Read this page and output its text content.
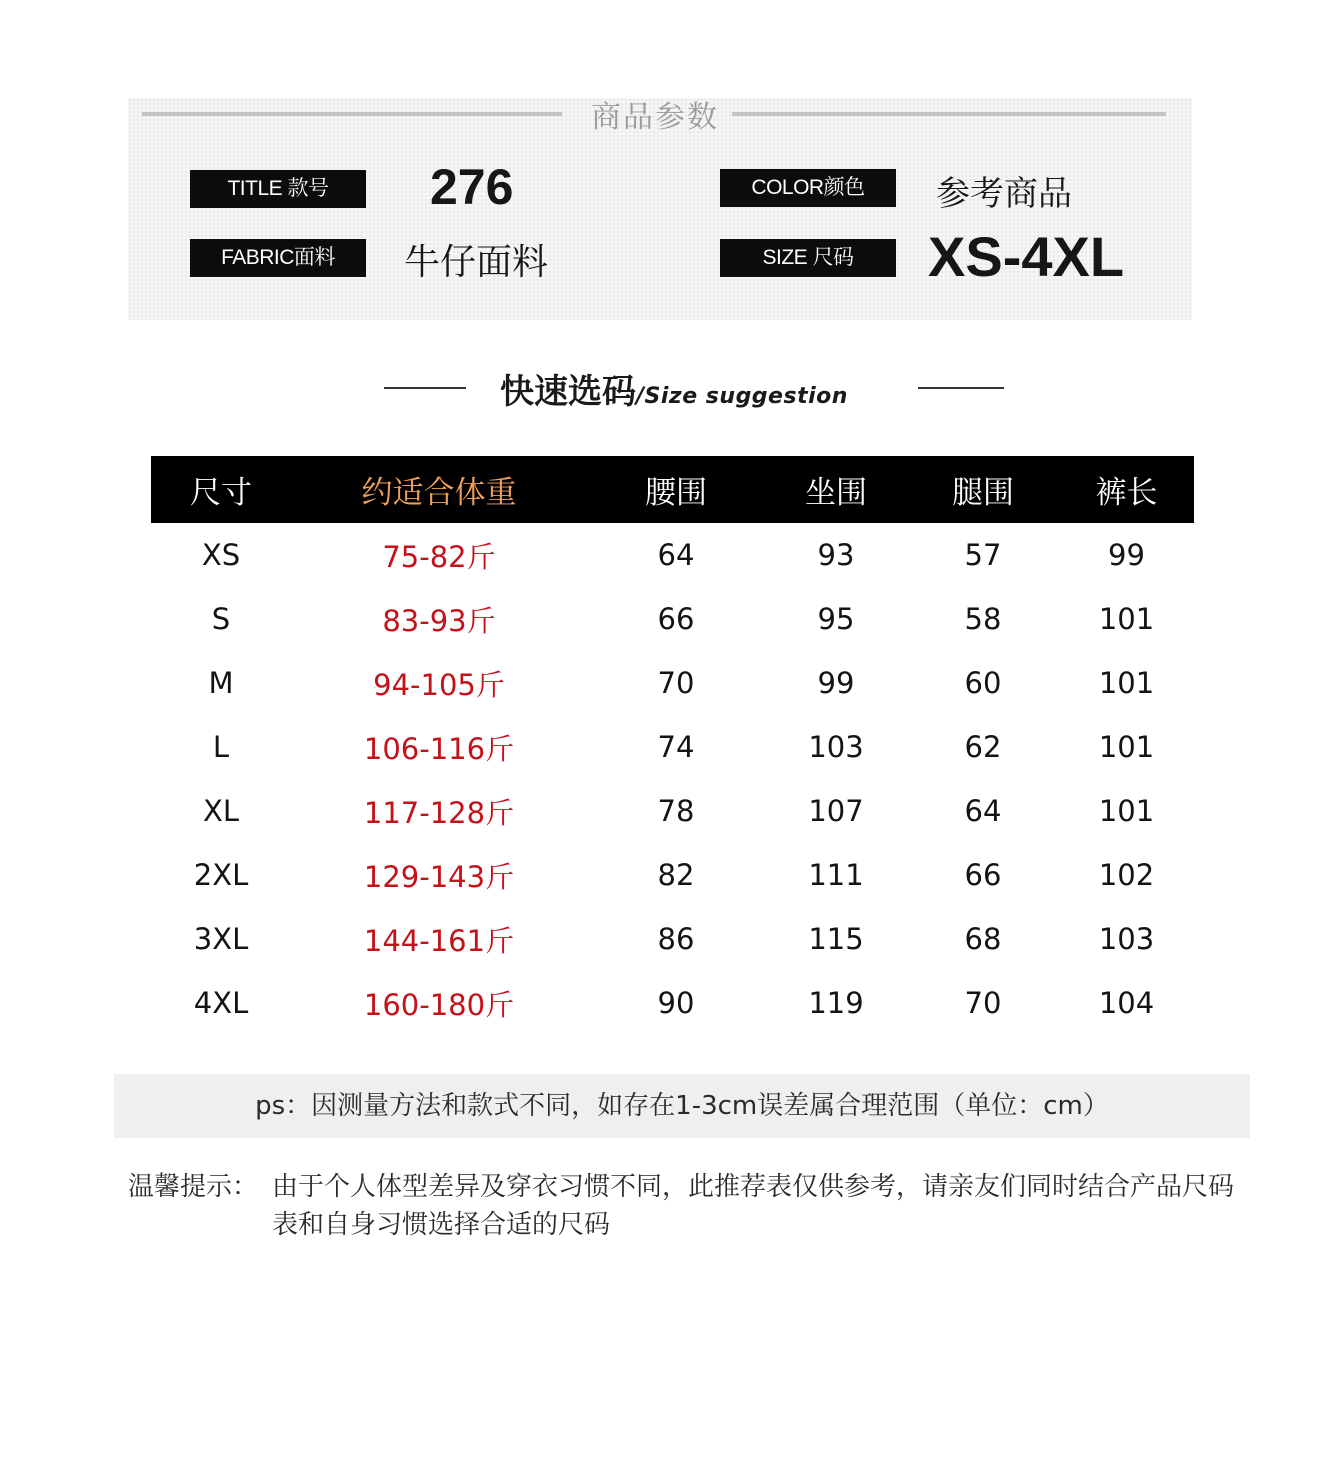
商品参数
TITLE 款号	276	COLOR颜色	参考商品
FABRIC面料	牛仔面料	SIZE 尺码	XS-4XL
快速选码/Size suggestion
尺寸	约适合体重	腰围	坐围	腿围	裤长
XS	75-82斤	64	93	57	99
S	83-93斤	66	95	58	101
M	94-105斤	70	99	60	101
L	106-116斤	74	103	62	101
XL	117-128斤	78	107	64	101
2XL	129-143斤	82	111	66	102
3XL	144-161斤	86	115	68	103
4XL	160-180斤	90	119	70	104
ps：因测量方法和款式不同，如存在1-3cm误差属合理范围（单位：cm）
温馨提示： 由于个人体型差异及穿衣习惯不同，此推荐表仅供参考，请亲友们同时结合产品尺码表和自身习惯选择合适的尺码
